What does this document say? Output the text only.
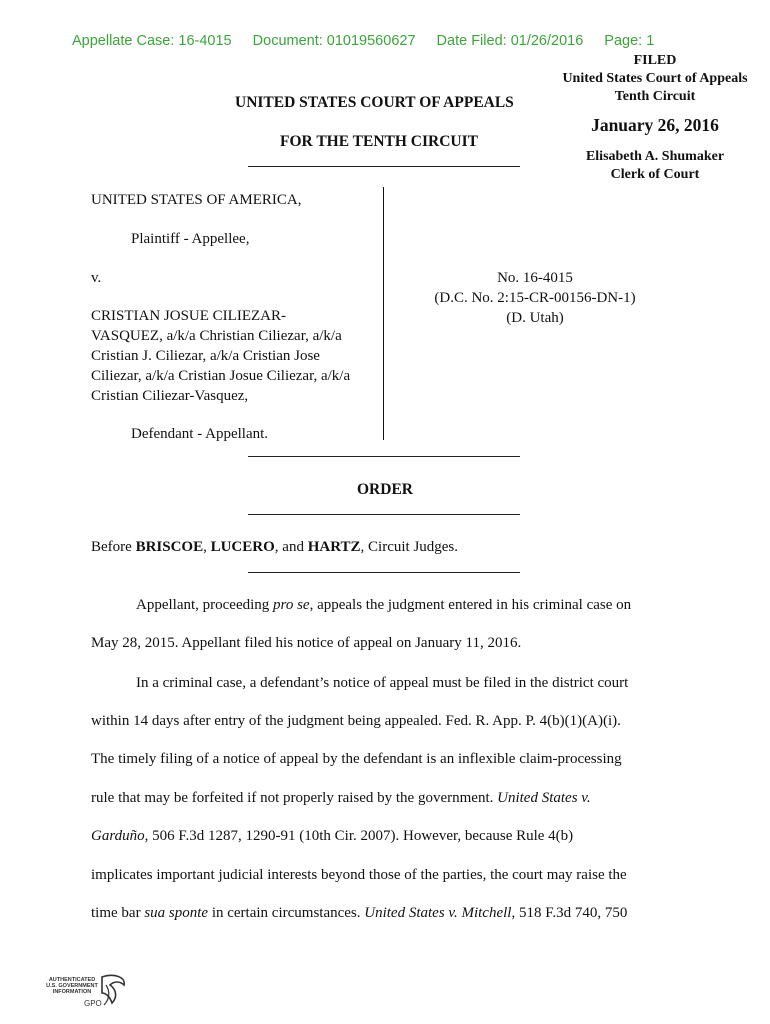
Appellate Case: 16-4015 Document: 01019560627 Date Filed: 01/26/2016 Page: 1
FILED
United States Court of Appeals
Tenth Circuit
January 26, 2016
Elisabeth A. Shumaker
Clerk of Court
UNITED STATES COURT OF APPEALS
FOR THE TENTH CIRCUIT
UNITED STATES OF AMERICA,
Plaintiff - Appellee,
v.
CRISTIAN JOSUE CILIEZAR-
VASQUEZ, a/k/a Christian Ciliezar, a/k/a
Cristian J. Ciliezar, a/k/a Cristian Jose
Ciliezar, a/k/a Cristian Josue Ciliezar, a/k/a
Cristian Ciliezar-Vasquez,
Defendant - Appellant.
No. 16-4015
(D.C. No. 2:15-CR-00156-DN-1)
(D. Utah)
ORDER
Before BRISCOE, LUCERO, and HARTZ, Circuit Judges.
Appellant, proceeding pro se, appeals the judgment entered in his criminal case on
May 28, 2015. Appellant filed his notice of appeal on January 11, 2016.
In a criminal case, a defendant’s notice of appeal must be filed in the district court
within 14 days after entry of the judgment being appealed. Fed. R. App. P. 4(b)(1)(A)(i).
The timely filing of a notice of appeal by the defendant is an inflexible claim-processing
rule that may be forfeited if not properly raised by the government. United States v.
Garduño, 506 F.3d 1287, 1290-91 (10th Cir. 2007). However, because Rule 4(b)
implicates important judicial interests beyond those of the parties, the court may raise the
time bar sua sponte in certain circumstances. United States v. Mitchell, 518 F.3d 740, 750
AUTHENTICATED
U.S. GOVERNMENT
INFORMATION
GPO
